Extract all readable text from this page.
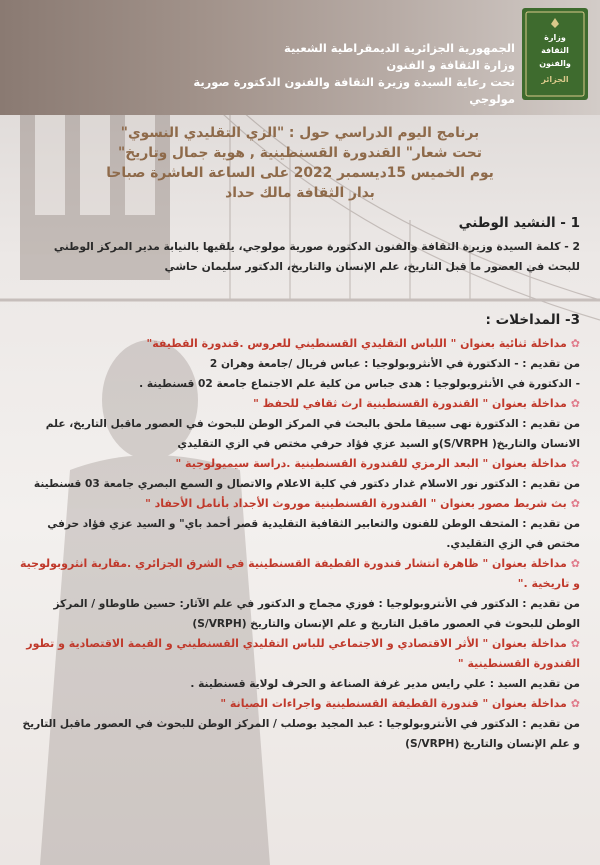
الجمهورية الجزائرية الديمقراطية الشعبية
وزارة الثقافة و الفنون
تحت رعاية السيدة وزيرة الثقافة والفنون الدكتورة صورية مولوجي
وزارة
الثقافة
والفنون
الجزائر
برنامج اليوم الدراسي حول : "الزي التقليدي النسوي"
تحت شعار" القندورة القسنطينية , هوية جمال وتاريخ"
يوم الخميس 15ديسمبر 2022 على الساعة العاشرة صباحا
بدار الثقافة مالك حداد
1 - النشيد الوطني
2 - كلمة السيدة وزيرة الثقافة والفنون الدكتورة صورية مولوجي، يلقيها بالنيابة مدير المركز الوطني للبحث في العصور ما قبل التاريخ، علم الإنسان والتاريخ، الدكتور سليمان حاشي
3- المداخلات :
✿مداخلة ثنائية بعنوان " اللباس التقليدي القسنطيني للعروس .قندورة القطيفة"
من تقديم : - الدكتورة في الأنثروبولوجيا : عباس فريال /جامعة وهران 2
- الدكتورة في الأنثروبولوجيا : هدى جباس من كلية علم الاجتماع جامعة 02 قسنطينة .
✿مداخلة بعنوان " القندورة القسنطينية ارث ثقافي للحفظ "
من تقديم : الدكتورة نهى سبيقا ملحق بالبحث في المركز الوطن للبحوث في العصور ماقبل التاريخ، علم الانسان والتاريخ( S/VRPH)و السيد عزي فؤاد حرفي مختص في الزي التقليدي
✿مداخلة بعنوان " البعد الرمزي للقندورة القسنطينية .دراسة سيميولوجية "
من تقديم : الدكتور نور الاسلام غدار دكتور في كلية الاعلام والاتصال و السمع البصري جامعة 03 قسنطينة
✿بث شريط مصور بعنوان " القندورة القسنطينية موروث الأجداد بأنامل الأحفاد "
من تقديم : المتحف الوطن للفنون والتعابير الثقافية التقليدية قصر أحمد باي" و السيد عزي فؤاد حرفي مختص في الزي التقليدي.
✿مداخلة بعنوان " ظاهرة انتشار قندورة القطيفة القسنطينية في الشرق الجزائري .مقاربة انثروبولوجية و تاريخية ."
من تقديم : الدكتور في الأنتروبولوجيا : فوزي مجماج و الدكتور في علم الآثار: حسين طاوطاو / المركز الوطن للبحوث في العصور ماقبل التاريخ و علم الإنسان والتاريخ (S/VRPH)
✿مداخلة بعنوان " الأثر الاقتصادي و الاجتماعي للباس التقليدي القسنطيني و القيمة الاقتصادية و تطور القندورة القسنطينية "
من تقديم السيد : علي رايس مدير غرفة الصناعة و الحرف لولاية قسنطينة .
✿مداخلة بعنوان " قندورة القطيفة القسنطينية واجراءات الصيانة "
من تقديم : الدكتور في الأنتروبولوجيا : عبد المجيد بوصلب / المركز الوطن للبحوث في العصور ماقبل التاريخ و علم الإنسان والتاريخ (S/VRPH)
